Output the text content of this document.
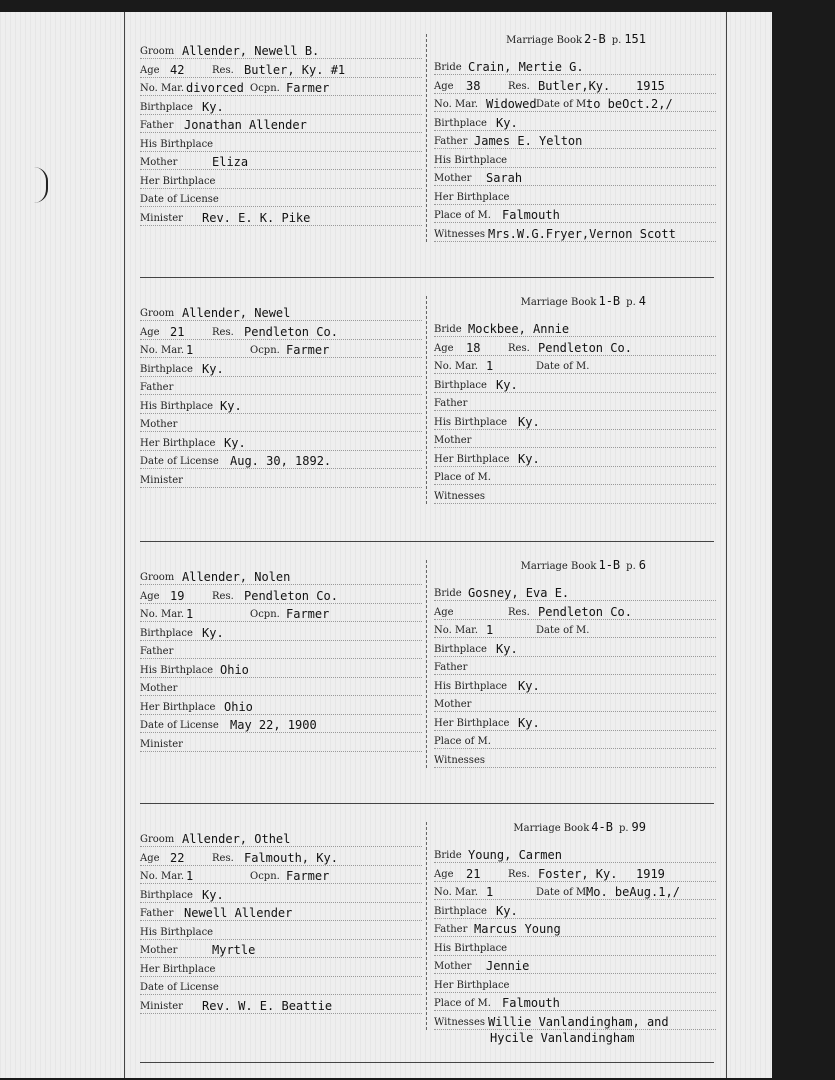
Groom Allender, Newell B.
Age 42	Res. Butler, Ky. #1
No. Mar. divorced Ocpn. Farmer
Birthplace Ky.
Father Jonathan Allender
His Birthplace
Mother	Eliza
Her Birthplace
Date of License
Minister Rev. E. K. Pike
Marriage Book 2-B p. 151
Bride Crain, Mertie G.
Age 38	Res. Butler,Ky. 1915
No. Mar. Widowed Date of M.
to beOct.2,/
Birthplace Ky.
Father James E. Yelton
His Birthplace
Mother Sarah
Her Birthplace
Place of M. Falmouth
Witnesses Mrs.W.G.Fryer,Vernon Scott
Groom Allender, Newel
Age 21	Res. Pendleton Co.
No. Mar. 1	Ocpn. Farmer
Birthplace Ky.
Father
His Birthplace Ky.
Mother
Her Birthplace Ky.
Date of License Aug. 30, 1892.
Minister
Marriage Book 1-B p. 4
Bride Mockbee, Annie
Age 18	Res. Pendleton Co.
No. Mar. 1	Date of M.
Birthplace Ky.
Father
His Birthplace Ky.
Mother
Her Birthplace Ky.
Place of M.
Witnesses
Groom Allender, Nolen
Age 19	Res. Pendleton Co.
No. Mar. 1	Ocpn. Farmer
Birthplace Ky.
Father
His Birthplace Ohio
Mother
Her Birthplace Ohio
Date of License May 22, 1900
Minister
Marriage Book 1-B p. 6
Bride Gosney, Eva E.
Age	Res. Pendleton Co.
No. Mar. 1	Date of M.
Birthplace Ky.
Father
His Birthplace Ky.
Mother
Her Birthplace Ky.
Place of M.
Witnesses
Groom Allender, Othel
Age 22	Res. Falmouth, Ky.
No. Mar. 1	Ocpn. Farmer
Birthplace Ky.
Father Newell Allender
His Birthplace
Mother	Myrtle
Her Birthplace
Date of License
Minister Rev. W. E. Beattie
Marriage Book 4-B p. 99
Bride Young, Carmen
Age 21	Res. Foster, Ky. 1919
No. Mar. 1	Date of M.
Mo. beAug.1,/
Birthplace Ky.
Father Marcus Young
His Birthplace
Mother Jennie
Her Birthplace
Place of M. Falmouth
Witnesses Willie Vanlandingham, and
Hycile Vanlandingham
